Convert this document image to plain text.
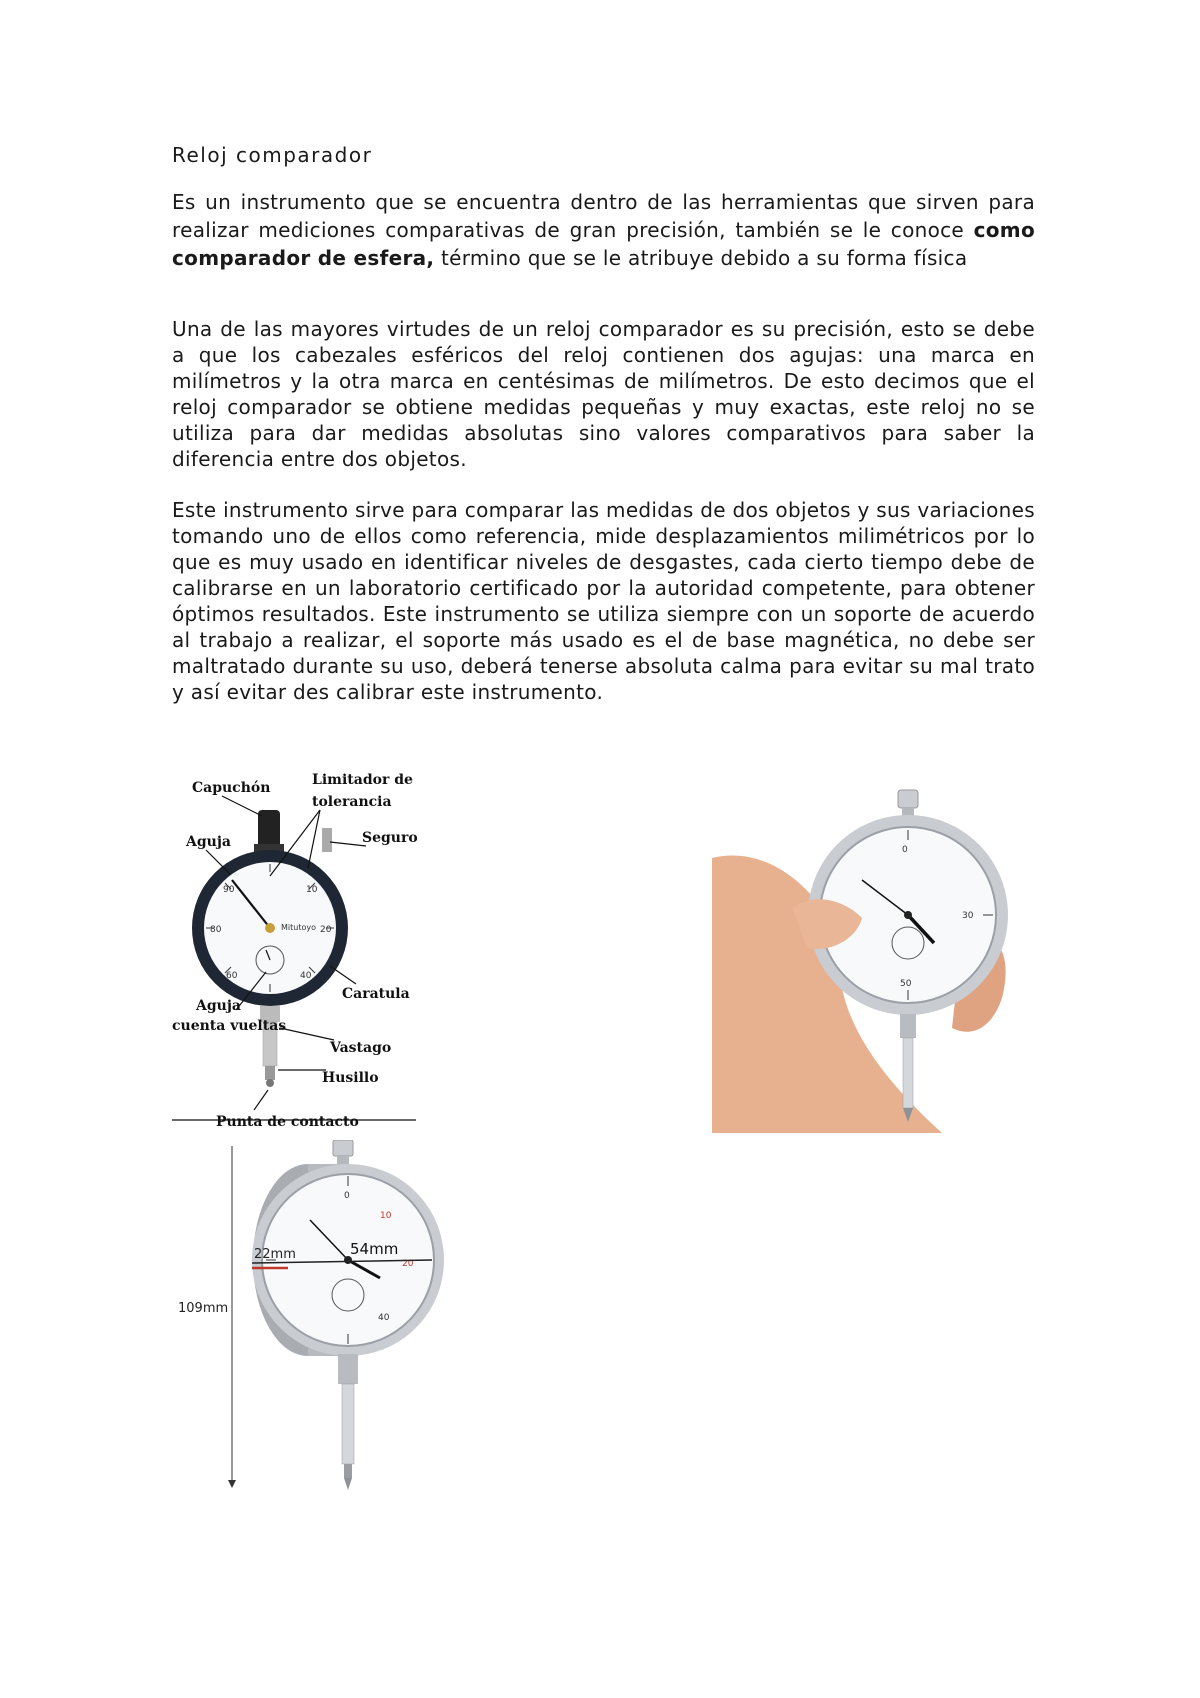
Reloj comparador

Es un instrumento que se encuentra dentro de las herramientas que sirven para realizar mediciones comparativas de gran precisión, también se le conoce como comparador de esfera, término que se le atribuye debido a su forma física

Una de las mayores virtudes de un reloj comparador es su precisión, esto se debe a que los cabezales esféricos del reloj contienen dos agujas: una marca en milímetros y la otra marca en centésimas de milímetros. De esto decimos que el reloj comparador se obtiene medidas pequeñas y muy exactas, este reloj no se utiliza para dar medidas absolutas sino valores comparativos para saber la diferencia entre dos objetos.

Este instrumento sirve para comparar las medidas de dos objetos y sus variaciones tomando uno de ellos como referencia, mide desplazamientos milimétricos por lo que es muy usado en identificar niveles de desgastes, cada cierto tiempo debe de calibrarse en un laboratorio certificado por la autoridad competente, para obtener óptimos resultados. Este instrumento se utiliza siempre con un soporte de acuerdo al trabajo a realizar, el soporte más usado es el de base magnética, no debe ser maltratado durante su uso, deberá tenerse absoluta calma para evitar su mal trato y así evitar des calibrar este instrumento.

90	10
20
80
40
60
Mitutoyo
Capuchón	Limitador de
tolerancia
Aguja	Seguro
Caratula
Aguja
cuenta vueltas
Vastago
Husillo
Punta de contacto
0
30
50
109mm
0
10
20
40
22mm	54mm
